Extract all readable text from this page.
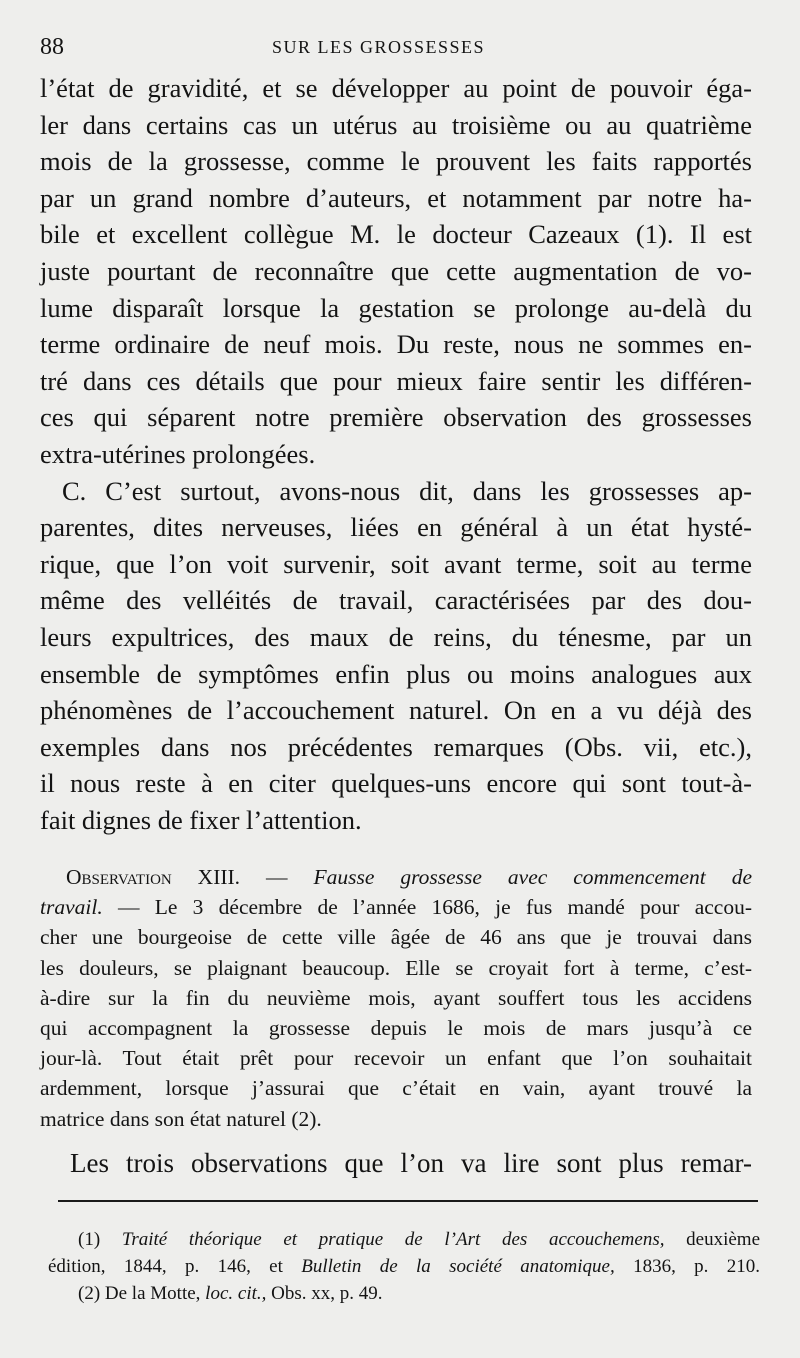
88	SUR LES GROSSESSES
l’état de gravidité, et se développer au point de pouvoir éga-
ler dans certains cas un utérus au troisième ou au quatrième
mois de la grossesse, comme le prouvent les faits rapportés
par un grand nombre d’auteurs, et notamment par notre ha-
bile et excellent collègue M. le docteur Cazeaux (1). Il est
juste pourtant de reconnaître que cette augmentation de vo-
lume disparaît lorsque la gestation se prolonge au-delà du
terme ordinaire de neuf mois. Du reste, nous ne sommes en-
tré dans ces détails que pour mieux faire sentir les différen-
ces qui séparent notre première observation des grossesses
extra-utérines prolongées.
C. C’est surtout, avons-nous dit, dans les grossesses ap-
parentes, dites nerveuses, liées en général à un état hysté-
rique, que l’on voit survenir, soit avant terme, soit au terme
même des velléités de travail, caractérisées par des dou-
leurs expultrices, des maux de reins, du ténesme, par un
ensemble de symptômes enfin plus ou moins analogues aux
phénomènes de l’accouchement naturel. On en a vu déjà des
exemples dans nos précédentes remarques (Obs. vii, etc.),
il nous reste à en citer quelques-uns encore qui sont tout-à-
fait dignes de fixer l’attention.
Observation XIII. — Fausse grossesse avec commencement de
travail. — Le 3 décembre de l’année 1686, je fus mandé pour accou-
cher une bourgeoise de cette ville âgée de 46 ans que je trouvai dans
les douleurs, se plaignant beaucoup. Elle se croyait fort à terme, c’est-
à-dire sur la fin du neuvième mois, ayant souffert tous les accidens
qui accompagnent la grossesse depuis le mois de mars jusqu’à ce
jour-là. Tout était prêt pour recevoir un enfant que l’on souhaitait
ardemment, lorsque j’assurai que c’était en vain, ayant trouvé la
matrice dans son état naturel (2).
Les trois observations que l’on va lire sont plus remar-
(1) Traité théorique et pratique de l’Art des accouchemens, deuxième
édition, 1844, p. 146, et Bulletin de la société anatomique, 1836, p. 210.
(2) De la Motte, loc. cit., Obs. xx, p. 49.
